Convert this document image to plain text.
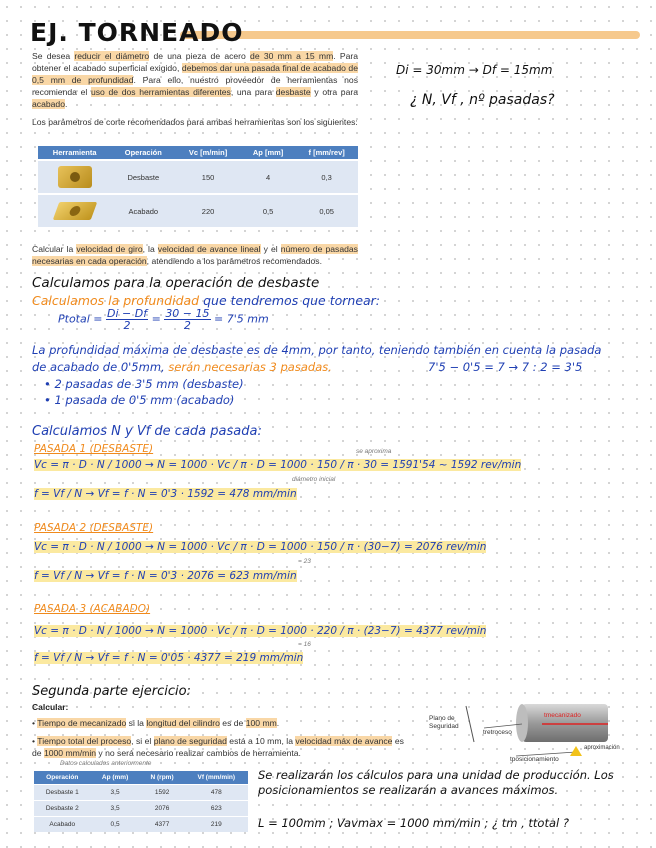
EJ. TORNEADO
Se desea reducir el diámetro de una pieza de acero de 30 mm a 15 mm. Para obtener el acabado superficial exigido, debemos dar una pasada final de acabado de 0,5 mm de profundidad. Para ello, nuestro proveedor de herramientas nos recomienda el uso de dos herramientas diferentes, una para desbaste y otra para acabado.
Los parámetros de corte recomendados para ambas herramientas son los siguientes:
Di = 30mm → Df = 15mm
¿ N, Vf , nº pasadas?
Herramienta	Operación	Vc [m/min]	Ap [mm]	f [mm/rev]

	Desbaste	150	4	0,3

	Acabado	220	0,5	0,05
Calcular la velocidad de giro, la velocidad de avance lineal y el número de pasadas necesarias en cada operación, atendiendo a los parámetros recomendados.
Calculamos para la operación de desbaste
Calculamos la profundidad que tendremos que tornear:
Ptotal = $\frac{Di - Df}{2} = \frac{30 - 15}{2} = 7'5$ mm
La profundidad máxima de desbaste es de 4mm, por tanto, teniendo también en cuenta la pasada de acabado de 0'5mm, serán necesarias 3 pasadas.	7'5 − 0'5 = 7 → 7 : 2 = 3'5
• 2 pasadas de 3'5 mm (desbaste)
• 1 pasada de 0'5 mm (acabado)
Calculamos N y Vf de cada pasada:
PASADA 1 (DESBASTE)	se aproxima
Vc = π · D · N / 1000 → N = 1000 · Vc / π · D = 1000 · 150 / π · 30 = 1591'54 ~ 1592 rev/min
diámetro inicial
f = Vf / N → Vf = f · N = 0'3 · 1592 = 478 mm/min
PASADA 2 (DESBASTE)
Vc = π · D · N / 1000 → N = 1000 · Vc / π · D = 1000 · 150 / π · (30−7) = 2076 rev/min
= 23
f = Vf / N → Vf = f · N = 0'3 · 2076 = 623 mm/min
PASADA 3 (ACABADO)
Vc = π · D · N / 1000 → N = 1000 · Vc / π · D = 1000 · 220 / π · (23−7) = 4377 rev/min
= 16
f = Vf / N → Vf = f · N = 0'05 · 4377 = 219 mm/min
Segunda parte ejercicio:
Calcular:
• Tiempo de mecanizado si la longitud del cilindro es de 100 mm.
• Tiempo total del proceso, si el plano de seguridad está a 10 mm, la velocidad máx de avance es de 1000 mm/min y no será necesario realizar cambios de herramienta.
Plano de Seguridad
tretroceso
tmecanizado
aproximación
tposicionamiento
Datos calculados anteriormente
Operación	Ap (mm)	N (rpm)	Vf (mm/min)
Desbaste 1	3,5	1592	478
Desbaste 2	3,5	2076	623
Acabado	0,5	4377	219
Se realizarán los cálculos para una unidad de producción. Los posicionamientos se realizarán a avances máximos.
L = 100mm ; Vavmax = 1000 mm/min ; ¿ tm , ttotal ?
